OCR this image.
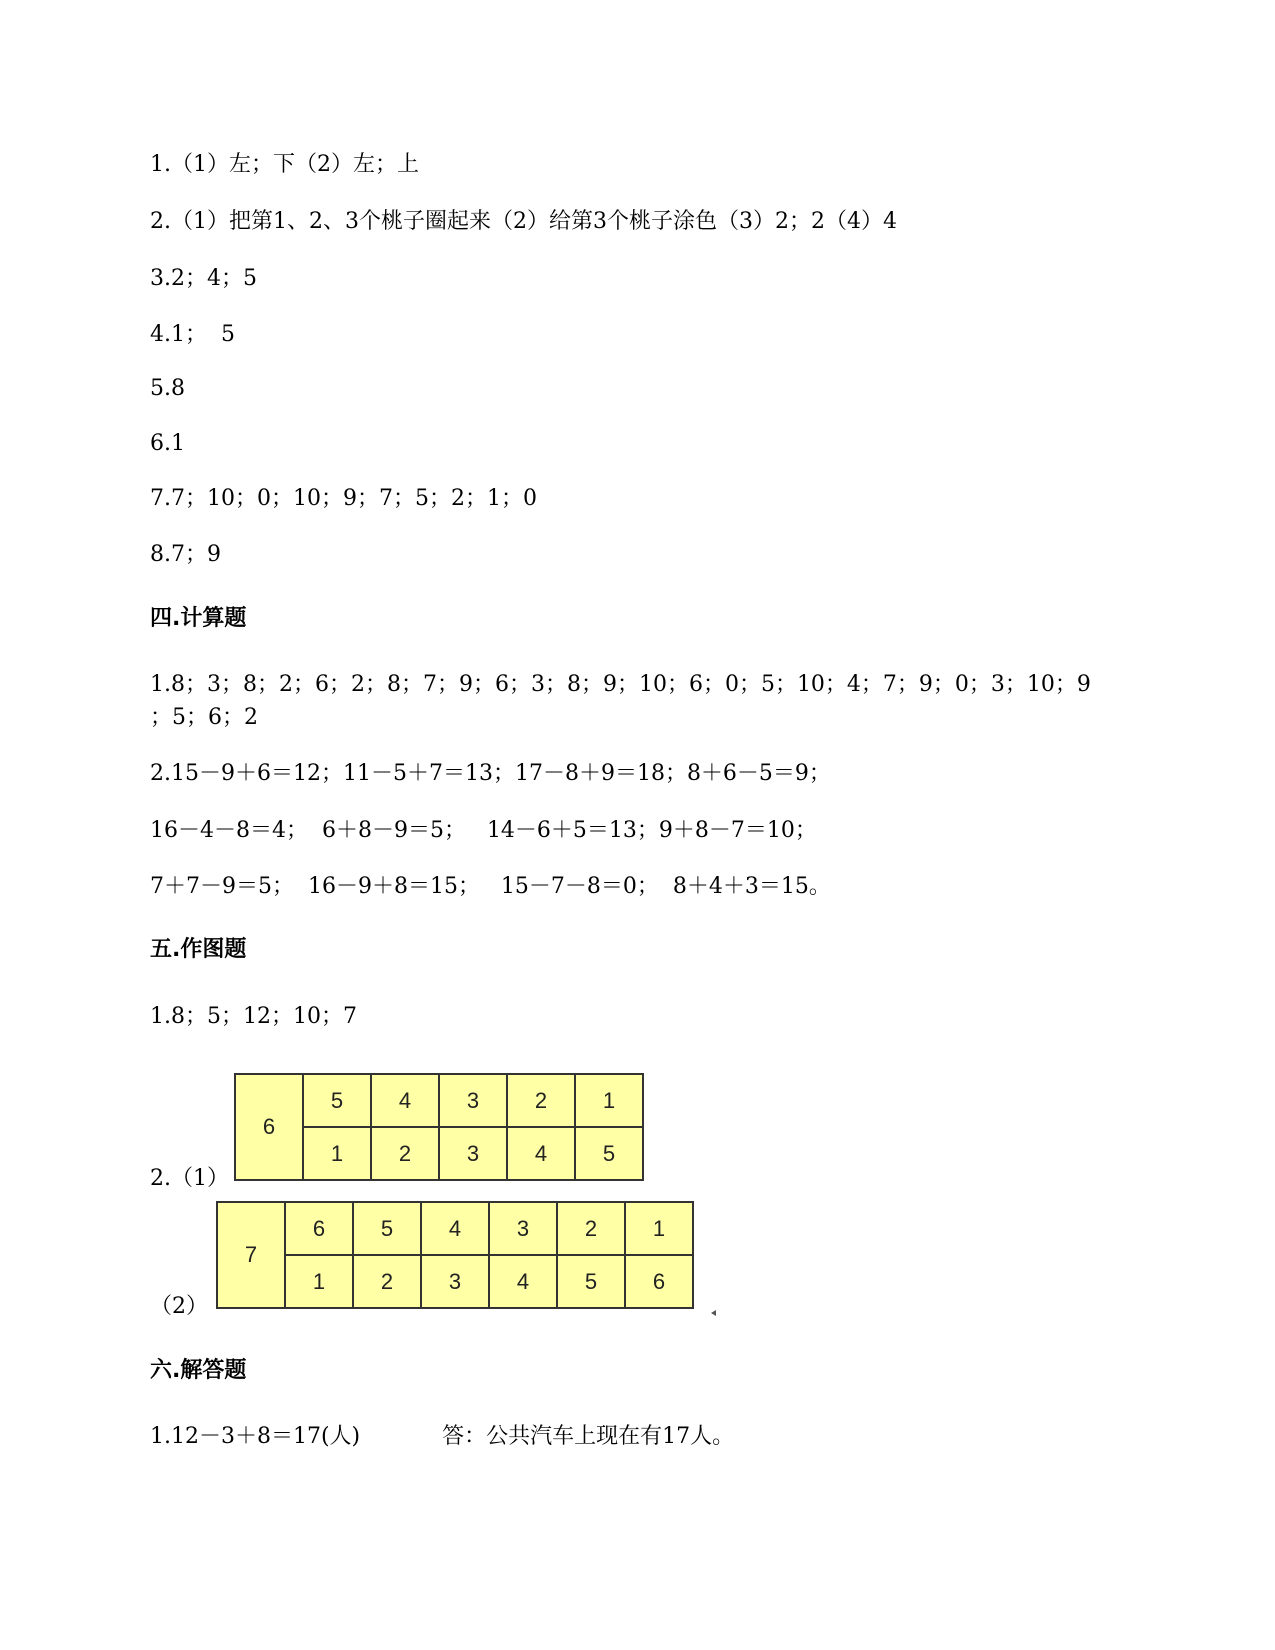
1.（1）左；下（2）左；上
2.（1）把第1、2、3个桃子圈起来（2）给第3个桃子涂色（3）2；2（4）4
3.2；4；5
4.1；  5
5.8
6.1
7.7；10；0；10；9；7；5；2；1；0
8.7；9
四.计算题
1.8；3；8；2；6；2；8；7；9；6；3；8；9；10；6；0；5；10；4；7；9；0；3；10；9
；5；6；2
2.15－9＋6＝12；11－5＋7＝13；17－8＋9＝18；8＋6－5＝9；
16－4－8＝4；  6＋8－9＝5；   14－6＋5＝13；9＋8－7＝10；
7＋7－9＝5；  16－9＋8＝15；   15－7－8＝0；  8＋4＋3＝15。
五.作图题
1.8；5；12；10；7
6	5	4	3	2	1
	1	2	3	4	5
2.（1）
7	6	5	4	3	2	1
	1	2	3	4	5	6
（2）
六.解答题
1.12－3＋8＝17(人)	答：公共汽车上现在有17人。
